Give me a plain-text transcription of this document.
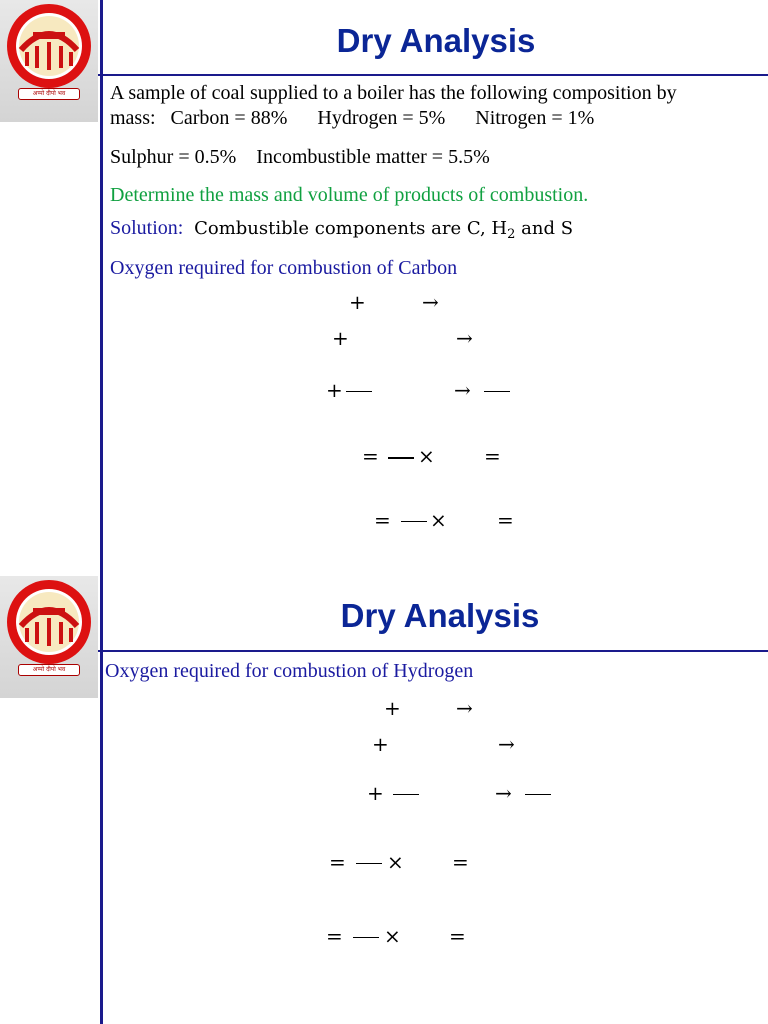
अप्पो दीपो भव
अप्पो दीपो भव
Dry Analysis
A sample of coal supplied to a boiler has the following composition by
mass:   Carbon = 88%      Hydrogen = 5%      Nitrogen = 1%
Sulphur = 0.5%    Incombustible matter = 5.5%
Determine the mass and volume of products of combustion.
Solution: Combustible components are C, $H_2$ and S
Oxygen required for combustion of Carbon
+	→
+	→
+	→
= × =
= ×	=
Dry Analysis
Oxygen required for combustion of Hydrogen
+	→
+	→
+	→
= × =
= × =
